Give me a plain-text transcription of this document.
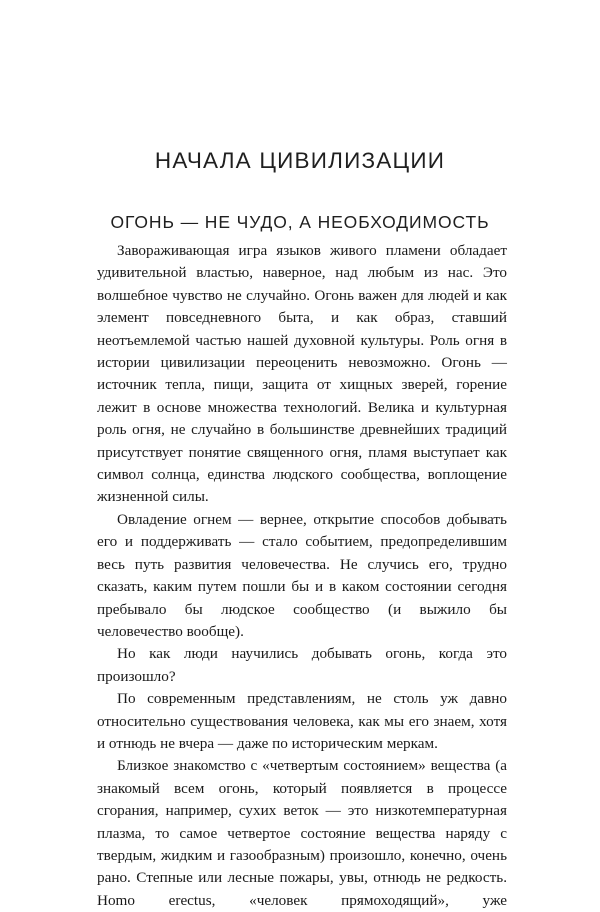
НАЧАЛА ЦИВИЛИЗАЦИИ
ОГОНЬ — НЕ ЧУДО, А НЕОБХОДИМОСТЬ

Завораживающая игра языков живого пламени обладает удивительной властью, наверное, над любым из нас. Это волшебное чувство не случайно. Огонь важен для людей и как элемент повседневного быта, и как образ, ставший неотъемлемой частью нашей духовной культуры. Роль огня в истории цивилизации переоценить невозможно. Огонь — источник тепла, пищи, защита от хищных зверей, горение лежит в основе множества технологий. Велика и культурная роль огня, не случайно в большинстве древнейших традиций присутствует понятие священного огня, пламя выступает как символ солнца, единства людского сообщества, воплощение жизненной силы.

Овладение огнем — вернее, открытие способов добывать его и поддерживать — стало событием, предопределившим весь путь развития человечества. Не случись его, трудно сказать, каким путем пошли бы и в каком состоянии сегодня пребывало бы людское сообщество (и выжило бы человечество вообще).

Но как люди научились добывать огонь, когда это произошло?

По современным представлениям, не столь уж давно относительно существования человека, как мы его знаем, хотя и отнюдь не вчера — даже по историческим меркам.

Близкое знакомство с «четвертым состоянием» вещества (а знакомый всем огонь, который появляется в процессе сгорания, например, сухих веток — это низкотемпературная плазма, то самое четвертое состояние вещества наряду с твердым, жидким и газообразным) произошло, конечно, очень рано. Степные или лесные пожары, увы, отнюдь не редкость. Homo erectus, «человек прямоходящий», уже
